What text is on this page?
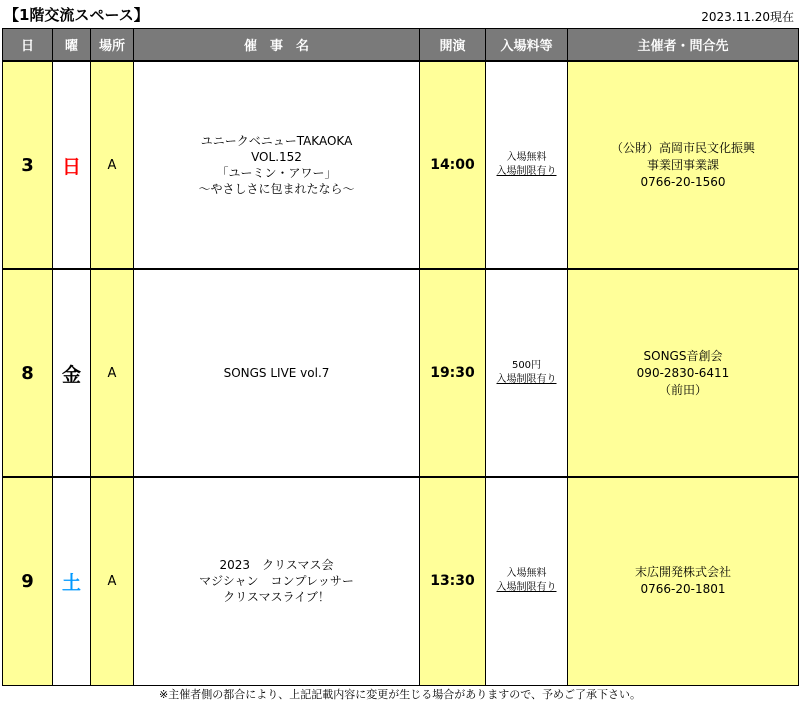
【1階交流スペース】	2023.11.20現在
日	曜	場所	催　事　名	開演	入場料等	主催者・問合先
3	日	A	ユニークベニューTAKAOKA
VOL.152
「ユーミン・アワー」
～やさしさに包まれたなら～	14:00	入場無料
入場制限有り	（公財）高岡市民文化振興
事業団事業課
0766-20-1560

8	金	A	SONGS LIVE vol.7	19:30	500円
入場制限有り	SONGS音創会
090-2830-6411
（前田）

9	土	A	2023　クリスマス会
マジシャン　コンプレッサー
クリスマスライブ！	13:30	入場無料
入場制限有り	末広開発株式会社
0766-20-1801
※主催者側の都合により、上記記載内容に変更が生じる場合がありますので、予めご了承下さい。
